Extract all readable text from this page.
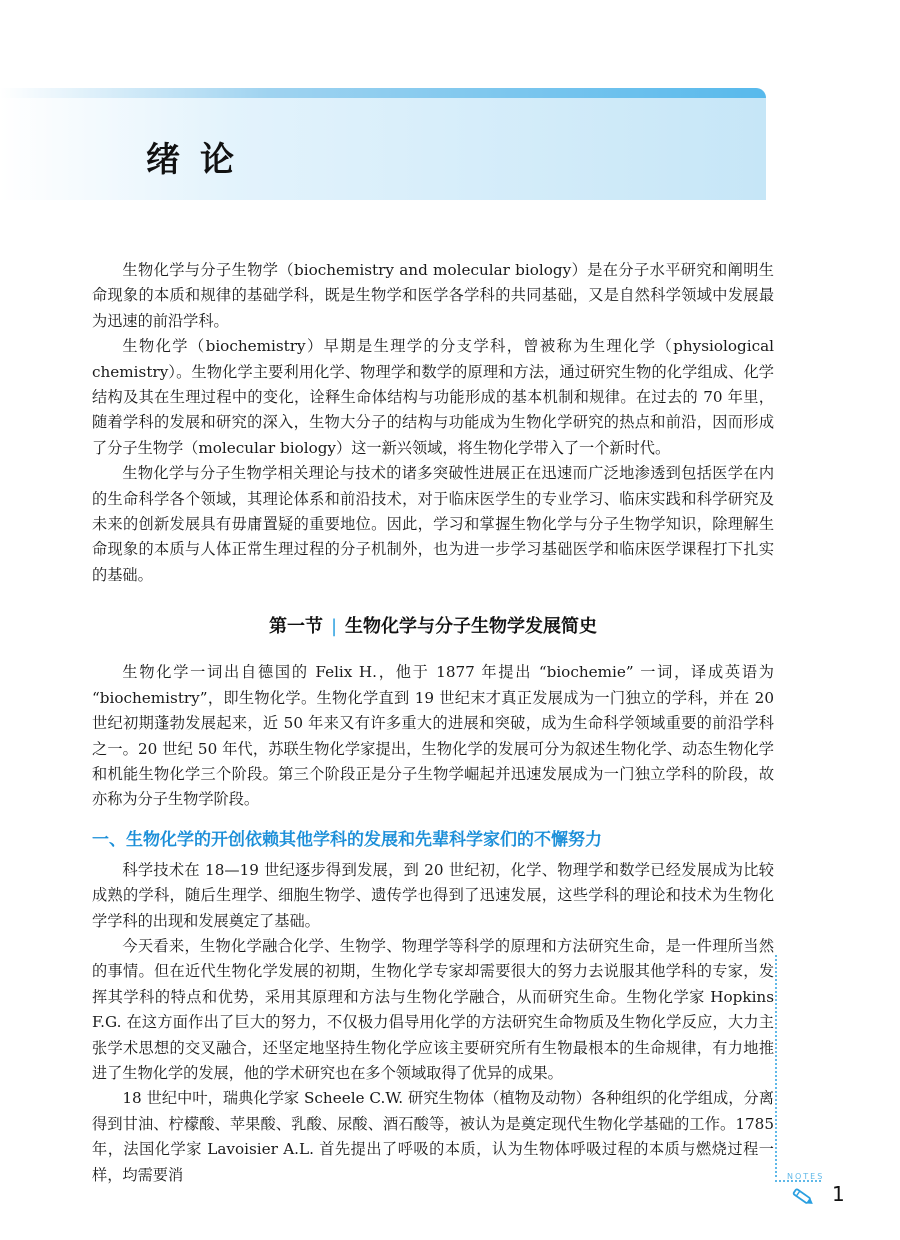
绪论

生物化学与分子生物学（biochemistry and molecular biology）是在分子水平研究和阐明生命现象的本质和规律的基础学科，既是生物学和医学各学科的共同基础，又是自然科学领域中发展最为迅速的前沿学科。

生物化学（biochemistry）早期是生理学的分支学科，曾被称为生理化学（physiological chemistry）。生物化学主要利用化学、物理学和数学的原理和方法，通过研究生物的化学组成、化学结构及其在生理过程中的变化，诠释生命体结构与功能形成的基本机制和规律。在过去的 70 年里，随着学科的发展和研究的深入，生物大分子的结构与功能成为生物化学研究的热点和前沿，因而形成了分子生物学（molecular biology）这一新兴领域，将生物化学带入了一个新时代。

生物化学与分子生物学相关理论与技术的诸多突破性进展正在迅速而广泛地渗透到包括医学在内的生命科学各个领域，其理论体系和前沿技术，对于临床医学生的专业学习、临床实践和科学研究及未来的创新发展具有毋庸置疑的重要地位。因此，学习和掌握生物化学与分子生物学知识，除理解生命现象的本质与人体正常生理过程的分子机制外，也为进一步学习基础医学和临床医学课程打下扎实的基础。

第一节 | 生物化学与分子生物学发展简史

生物化学一词出自德国的 Felix H.，他于 1877 年提出 “biochemie” 一词，译成英语为 “biochemistry”，即生物化学。生物化学直到 19 世纪末才真正发展成为一门独立的学科，并在 20 世纪初期蓬勃发展起来，近 50 年来又有许多重大的进展和突破，成为生命科学领域重要的前沿学科之一。20 世纪 50 年代，苏联生物化学家提出，生物化学的发展可分为叙述生物化学、动态生物化学和机能生物化学三个阶段。第三个阶段正是分子生物学崛起并迅速发展成为一门独立学科的阶段，故亦称为分子生物学阶段。

一、生物化学的开创依赖其他学科的发展和先辈科学家们的不懈努力

科学技术在 18—19 世纪逐步得到发展，到 20 世纪初，化学、物理学和数学已经发展成为比较成熟的学科，随后生理学、细胞生物学、遗传学也得到了迅速发展，这些学科的理论和技术为生物化学学科的出现和发展奠定了基础。

今天看来，生物化学融合化学、生物学、物理学等科学的原理和方法研究生命，是一件理所当然的事情。但在近代生物化学发展的初期，生物化学专家却需要很大的努力去说服其他学科的专家，发挥其学科的特点和优势，采用其原理和方法与生物化学融合，从而研究生命。生物化学家 Hopkins F.G. 在这方面作出了巨大的努力，不仅极力倡导用化学的方法研究生命物质及生物化学反应，大力主张学术思想的交叉融合，还坚定地坚持生物化学应该主要研究所有生物最根本的生命规律，有力地推进了生物化学的发展，他的学术研究也在多个领域取得了优异的成果。

18 世纪中叶，瑞典化学家 Scheele C.W. 研究生物体（植物及动物）各种组织的化学组成，分离得到甘油、柠檬酸、苹果酸、乳酸、尿酸、酒石酸等，被认为是奠定现代生物化学基础的工作。1785 年，法国化学家 Lavoisier A.L. 首先提出了呼吸的本质，认为生物体呼吸过程的本质与燃烧过程一样，均需要消	NOTES
1
